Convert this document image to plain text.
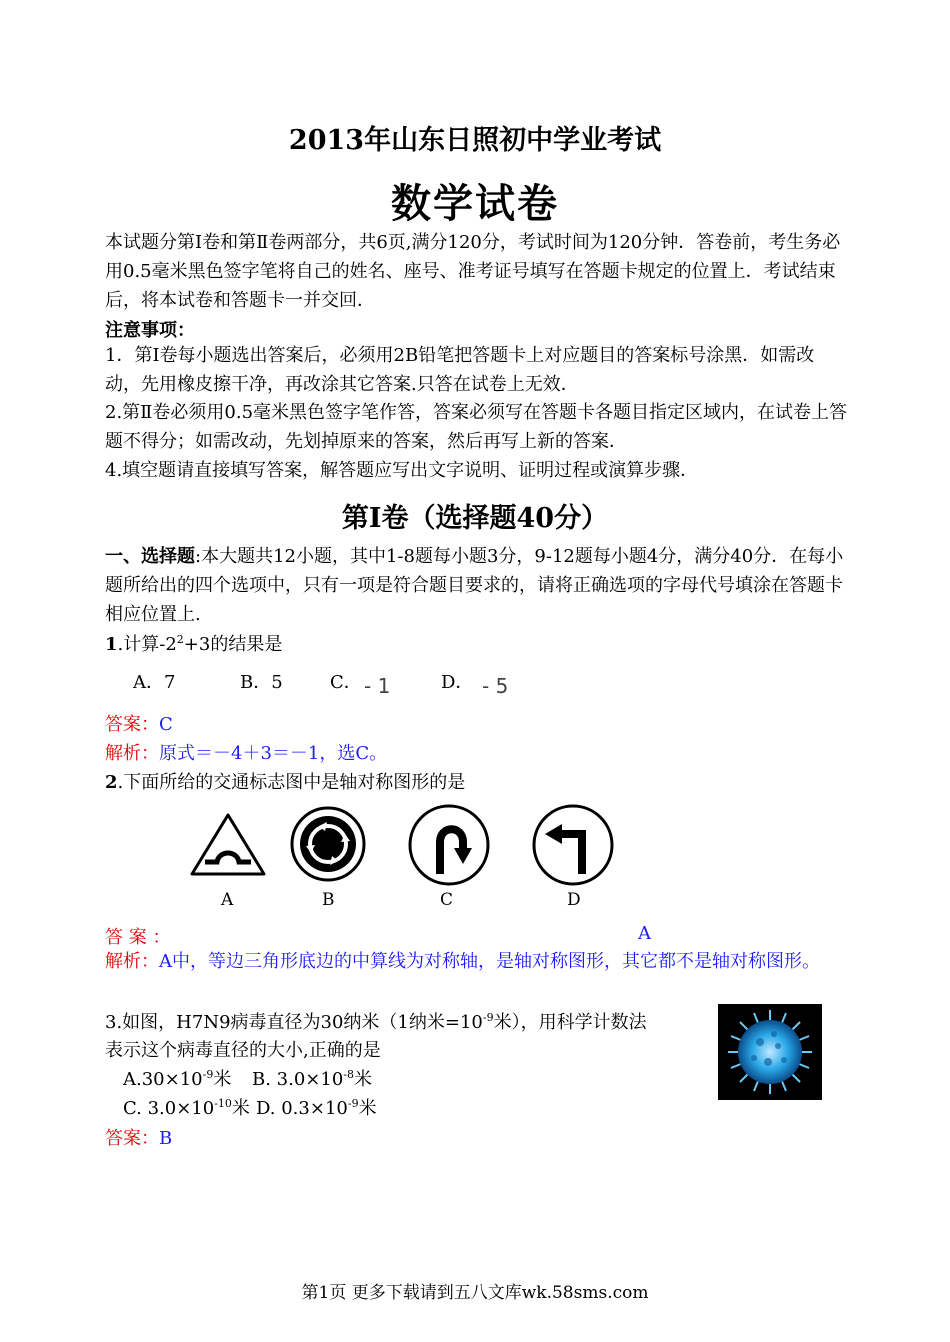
2013年山东日照初中学业考试
数学试卷
本试题分第Ⅰ卷和第Ⅱ卷两部分，共6页,满分120分，考试时间为120分钟．答卷前，考生务必用0.5毫米黑色签字笔将自己的姓名、座号、准考证号填写在答题卡规定的位置上．考试结束后，将本试卷和答题卡一并交回．
注意事项：
1．第Ⅰ卷每小题选出答案后，必须用2B铅笔把答题卡上对应题目的答案标号涂黑．如需改动，先用橡皮擦干净，再改涂其它答案.只答在试卷上无效．
2.第Ⅱ卷必须用0.5毫米黑色签字笔作答，答案必须写在答题卡各题目指定区域内，在试卷上答题不得分；如需改动，先划掉原来的答案，然后再写上新的答案．
4.填空题请直接填写答案，解答题应写出文字说明、证明过程或演算步骤．
第Ⅰ卷（选择题40分）
一、选择题:本大题共12小题，其中1-8题每小题3分，9-12题每小题4分，满分40分．在每小题所给出的四个选项中，只有一项是符合题目要求的，请将正确选项的字母代号填涂在答题卡相应位置上.
1.计算$-2^2+3$的结果是
A．7	B．5	C． - 1	D． - 5
答案：C
解析：原式＝－4＋3＝－1，选C。
2.下面所给的交通标志图中是轴对称图形的是
A	B	C	D
答 案 ：	A
解析：A中，等边三角形底边的中算线为对称轴，是轴对称图形，其它都不是轴对称图形。
3.如图，H7N9病毒直径为30纳米（1纳米$=10^{-9}$米），用科学计数法
表示这个病毒直径的大小,正确的是
$A.30\times 10^{-9}$米 B. $3.0\times 10^{-8}$米
C. $3.0\times 10^{-10}$米 D. $0.3\times 10^{-9}$米
答案：B
第1页 更多下载请到五八文库wk.58sms.com
